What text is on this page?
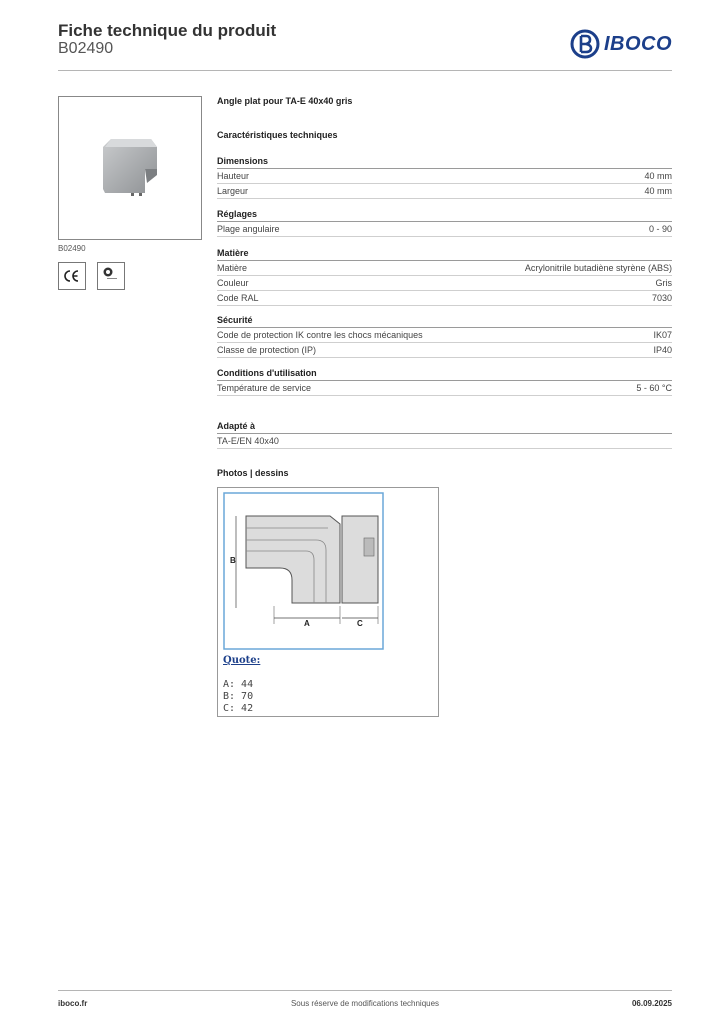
Fiche technique du produit
B02490	IBOCO
B02490
Angle plat pour TA-E 40x40 gris
Caractéristiques techniques
Dimensions
Hauteur	40 mm
Largeur	40 mm
Réglages
Plage angulaire	0 - 90
Matière
Matière	Acrylonitrile butadiène styrène (ABS)
Couleur	Gris
Code RAL	7030
Sécurité
Code de protection IK contre les chocs mécaniques	IK07
Classe de protection (IP)	IP40
Conditions d'utilisation
Température de service	5 - 60 °C
Adapté à
TA-E/EN 40x40
Photos | dessins
B
A	C
Quote:
A: 44
B: 70
C: 42
iboco.fr	Sous réserve de modifications techniques	06.09.2025
